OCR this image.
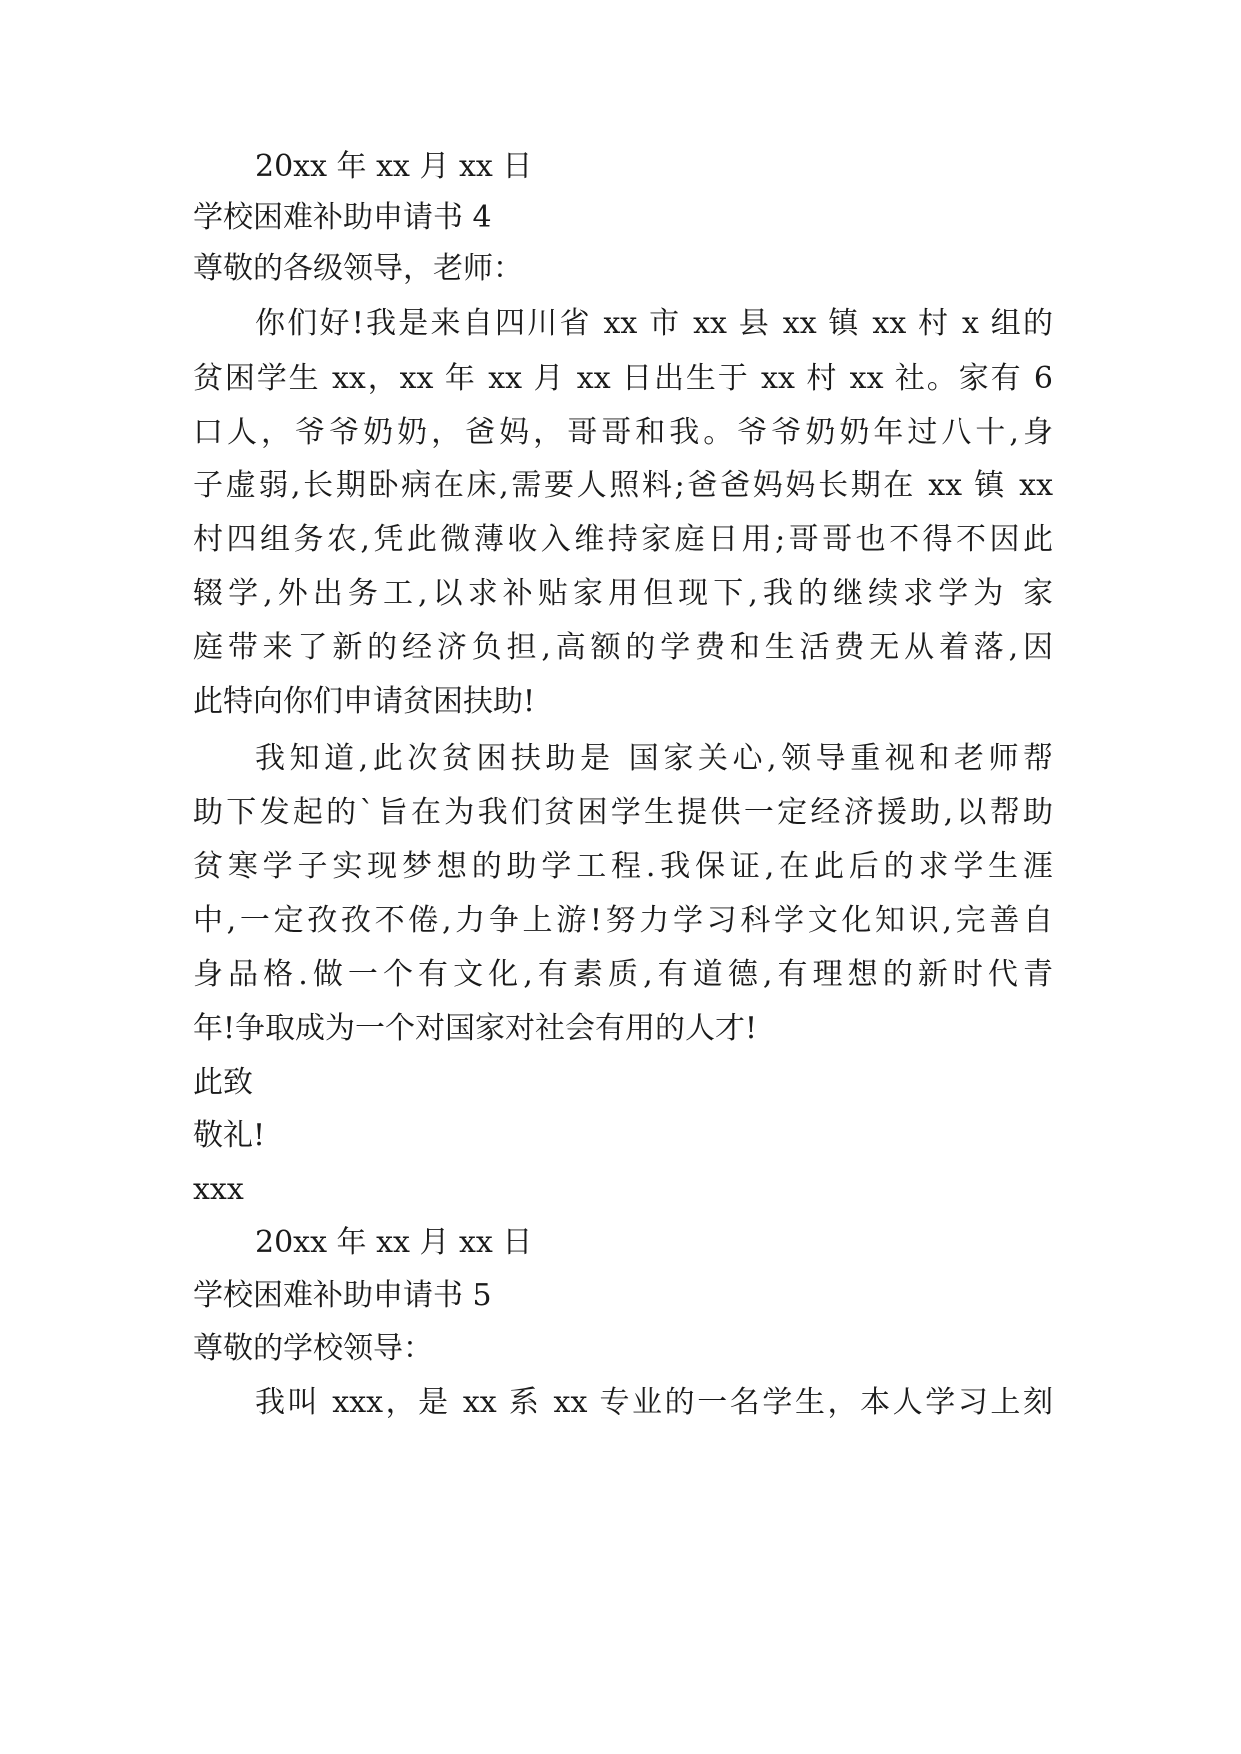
20xx 年 xx 月 xx 日
学校困难补助申请书 4
尊敬的各级领导，老师：
你们好!我是来自四川省 xx 市 xx 县 xx 镇 xx 村 x 组的
贫困学生 xx，xx 年 xx 月 xx 日出生于 xx 村 xx 社。家有 6
口人，爷爷奶奶，爸妈，哥哥和我。爷爷奶奶年过八十,身
子虚弱,长期卧病在床,需要人照料;爸爸妈妈长期在 xx 镇 xx
村四组务农,凭此微薄收入维持家庭日用;哥哥也不得不因此
辍学,外出务工,以求补贴家用但现下,我的继续求学为 家
庭带来了新的经济负担,高额的学费和生活费无从着落,因
此特向你们申请贫困扶助!
我知道,此次贫困扶助是 国家关心,领导重视和老师帮
助下发起的`旨在为我们贫困学生提供一定经济援助,以帮助
贫寒学子实现梦想的助学工程.我保证,在此后的求学生涯
中,一定孜孜不倦,力争上游!努力学习科学文化知识,完善自
身品格.做一个有文化,有素质,有道德,有理想的新时代青
年!争取成为一个对国家对社会有用的人才!
此致
敬礼!
xxx
20xx 年 xx 月 xx 日
学校困难补助申请书 5
尊敬的学校领导：
我叫 xxx，是 xx 系 xx 专业的一名学生，本人学习上刻
